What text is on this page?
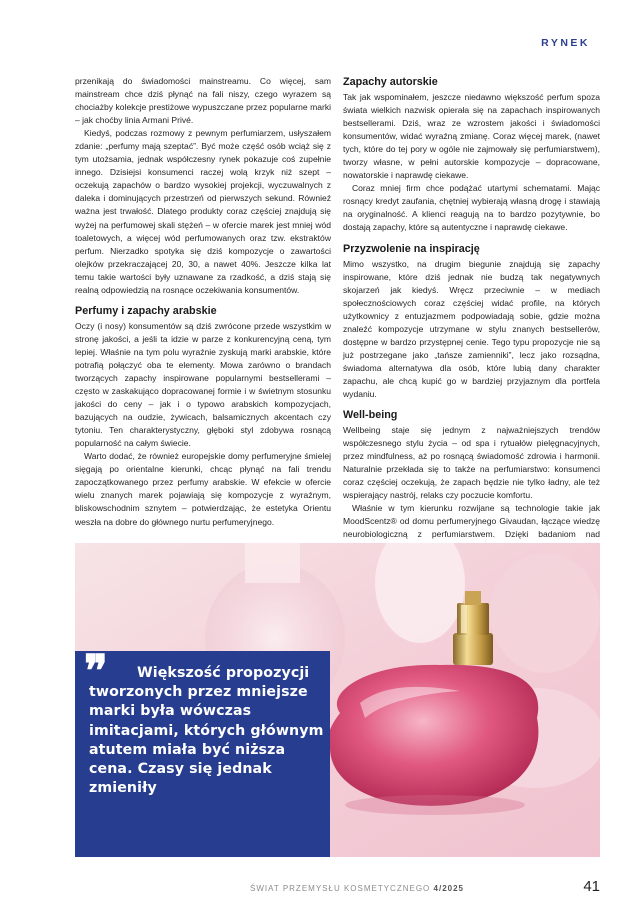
RYNEK

przenikają do świadomości mainstreamu. Co więcej, sam mainstream chce dziś płynąć na fali niszy, czego wyrazem są chociażby kolekcje prestiżowe wypuszczane przez popularne marki – jak choćby linia Armani Privé.

Kiedyś, podczas rozmowy z pewnym perfumiarzem, usłyszałem zdanie: „perfumy mają szeptać”. Być może część osób wciąż się z tym utożsamia, jednak współczesny rynek pokazuje coś zupełnie innego. Dzisiejsi konsumenci raczej wolą krzyk niż szept – oczekują zapachów o bardzo wysokiej projekcji, wyczuwalnych z daleka i dominujących przestrzeń od pierwszych sekund. Równieź ważna jest trwałość. Dlatego produkty coraz częściej znajdują się wyżej na perfumowej skali stężeń – w ofercie marek jest mniej wód toaletowych, a więcej wód perfumowanych oraz tzw. ekstraktów perfum. Nierzadko spotyka się dziś kompozycje o zawartości olejków przekraczającej 20, 30, a nawet 40%. Jeszcze kilka lat temu takie wartości były uznawane za rzadkość, a dziś stają się realną odpowiedzią na rosnące oczekiwania konsumentów.

Perfumy i zapachy arabskie

Oczy (i nosy) konsumentów są dziś zwrócone przede wszystkim w stronę jakości, a jeśli ta idzie w parze z konkurencyjną ceną, tym lepiej. Właśnie na tym polu wyraźnie zyskują marki arabskie, które potrafią połączyć oba te elementy. Mowa zarówno o brandach tworzących zapachy inspirowane popularnymi bestsellerami – często w zaskakująco dopracowanej formie i w świetnym stosunku jakości do ceny – jak i o typowo arabskich kompozycjach, bazujących na oudzie, żywicach, balsamicznych akcentach czy tytoniu. Ten charakterystyczny, głęboki styl zdobywa rosnącą popularność na całym świecie.

Warto dodać, że również europejskie domy perfumeryjne śmielej sięgają po orientalne kierunki, chcąc płynąć na fali trendu zapoczątkowanego przez perfumy arabskie. W efekcie w ofercie wielu znanych marek pojawiają się kompozycje z wyraźnym, bliskowschodnim sznytem – potwierdzając, że estetyka Orientu weszła na dobre do głównego nurtu perfumeryjnego.

Zapachy autorskie

Tak jak wspominałem, jeszcze niedawno większość perfum spoza świata wielkich nazwisk opierała się na zapachach inspirowanych bestsellerami. Dziś, wraz ze wzrostem jakości i świadomości konsumentów, widać wyraźną zmianę. Coraz więcej marek, (nawet tych, które do tej pory w ogóle nie zajmowały się perfumiarstwem), tworzy własne, w pełni autorskie kompozycje – dopracowane, nowatorskie i naprawdę ciekawe.

Coraz mniej firm chce podążać utartymi schematami. Mając rosnący kredyt zaufania, chętniej wybierają własną drogę i stawiają na oryginalność. A klienci reagują na to bardzo pozytywnie, bo dostają zapachy, które są autentyczne i naprawdę ciekawe.

Przyzwolenie na inspirację

Mimo wszystko, na drugim biegunie znajdują się zapachy inspirowane, które dziś jednak nie budzą tak negatywnych skojarzeń jak kiedyś. Wręcz przeciwnie – w mediach społecznościowych coraz częściej widać profile, na których użytkownicy z entuzjazmem podpowiadają sobie, gdzie można znaleźć kompozycje utrzymane w stylu znanych bestsellerów, dostępne w bardzo przystępnej cenie. Tego typu propozycje nie są już postrzegane jako „tańsze zamienniki”, lecz jako rozsądna, świadoma alternatywa dla osób, które lubią dany charakter zapachu, ale chcą kupić go w bardziej przyjaznym dla portfela wydaniu.

Well-being

Wellbeing staje się jednym z najważniejszych trendów współczesnego stylu życia – od spa i rytuałów pielęgnacyjnych, przez mindfulness, aż po rosnącą świadomość zdrowia i harmonii. Naturalnie przekłada się to także na perfumiarstwo: konsumenci coraz częściej oczekują, że zapach będzie nie tylko ładny, ale też wspierający nastrój, relaks czy poczucie komfortu.

Właśnie w tym kierunku rozwijane są technologie takie jak MoodScentz® od domu perfumeryjnego Givaudan, łączące wiedzę neurobiologiczną z perfumiarstwem. Dzięki badaniom nad

❞	Większość propozycji tworzonych przez mniejsze marki była wówczas imitacjami, których głównym atutem miała być niższa cena. Czasy się jednak zmieniły
ŚWIAT PRZEMYSŁU KOSMETYCZNEGO 4/2025	41
